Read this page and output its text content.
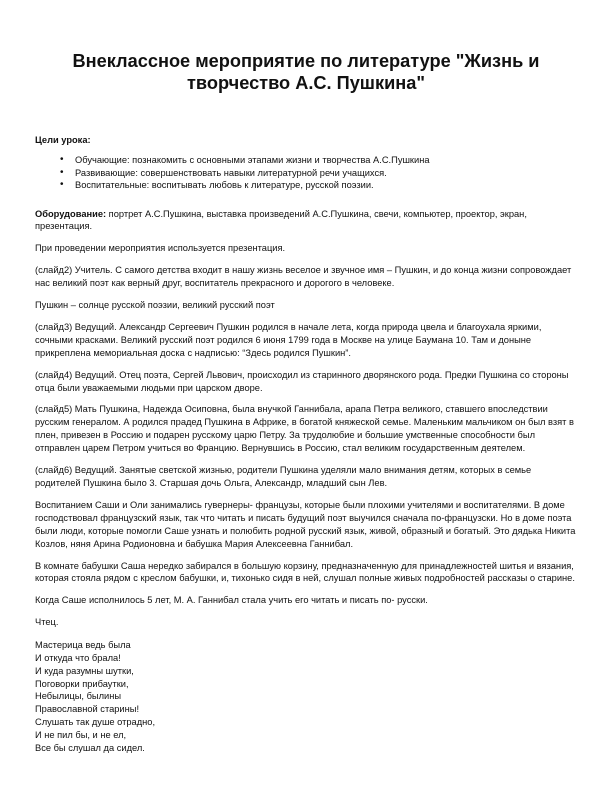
Внеклассное мероприятие по литературе "Жизнь и
творчество А.С. Пушкина"
Цели урока:
• Обучающие: познакомить с основными этапами жизни и творчества А.С.Пушкина
• Развивающие: совершенствовать навыки литературной речи учащихся.
• Воспитательные: воспитывать любовь к литературе, русской поэзии.

Оборудование: портрет А.С.Пушкина, выставка произведений А.С.Пушкина, свечи, компьютер, проектор, экран, презентация.

При проведении мероприятия используется презентация.

(слайд2) Учитель. С самого детства входит в нашу жизнь веселое и звучное имя – Пушкин, и до конца жизни сопровождает нас великий поэт как верный друг, воспитатель прекрасного и дорогого в человеке.

Пушкин – солнце русской поэзии, великий русский поэт

(слайд3) Ведущий. Александр Сергеевич Пушкин родился в начале лета, когда природа цвела и благоухала яркими, сочными красками. Великий русский поэт родился 6 июня 1799 года в Москве на улице Баумана 10. Там и доныне прикреплена мемориальная доска с надписью: “Здесь родился Пушкин”.

(слайд4) Ведущий. Отец поэта, Сергей Львович, происходил из старинного дворянского рода. Предки Пушкина со стороны отца были уважаемыми людьми при царском дворе.

(слайд5) Мать Пушкина, Надежда Осиповна, была внучкой Ганнибала, арапа Петра великого, ставшего впоследствии русским генералом. А родился прадед Пушкина в Африке, в богатой княжеской семье. Маленьким мальчиком он был взят в плен, привезен в Россию и подарен русскому царю Петру. За трудолюбие и большие умственные способности был отправлен царем Петром учиться во Францию. Вернувшись в Россию, стал великим государственным деятелем.

(слайд6) Ведущий. Занятые светской жизнью, родители Пушкина уделяли мало внимания детям, которых в семье родителей Пушкина было 3. Старшая дочь Ольга, Александр, младший сын Лев.

Воспитанием Саши и Оли занимались гувернеры- французы, которые были плохими учителями и воспитателями. В доме господствовал французский язык, так что читать и писать будущий поэт выучился сначала по-французски. Но в доме поэта были люди, которые помогли Саше узнать и полюбить родной русский язык, живой, образный и богатый. Это дядька Никита Козлов, няня Арина Родионовна и бабушка Мария Алексеевна Ганнибал.

В комнате бабушки Саша нередко забирался в большую корзину, предназначенную для принадлежностей шитья и вязания, которая стояла рядом с креслом бабушки, и, тихонько сидя в ней, слушал полные живых подробностей рассказы о старине.

Когда Саше исполнилось 5 лет, М. А. Ганнибал стала учить его читать и писать по- русски.

Чтец.

Мастерица ведь была
И откуда что брала!
И куда разумны шутки,
Поговорки прибаутки,
Небылицы, былины
Православной старины!
Слушать так душе отрадно,
И не пил бы, и не ел,
Все бы слушал да сидел.
